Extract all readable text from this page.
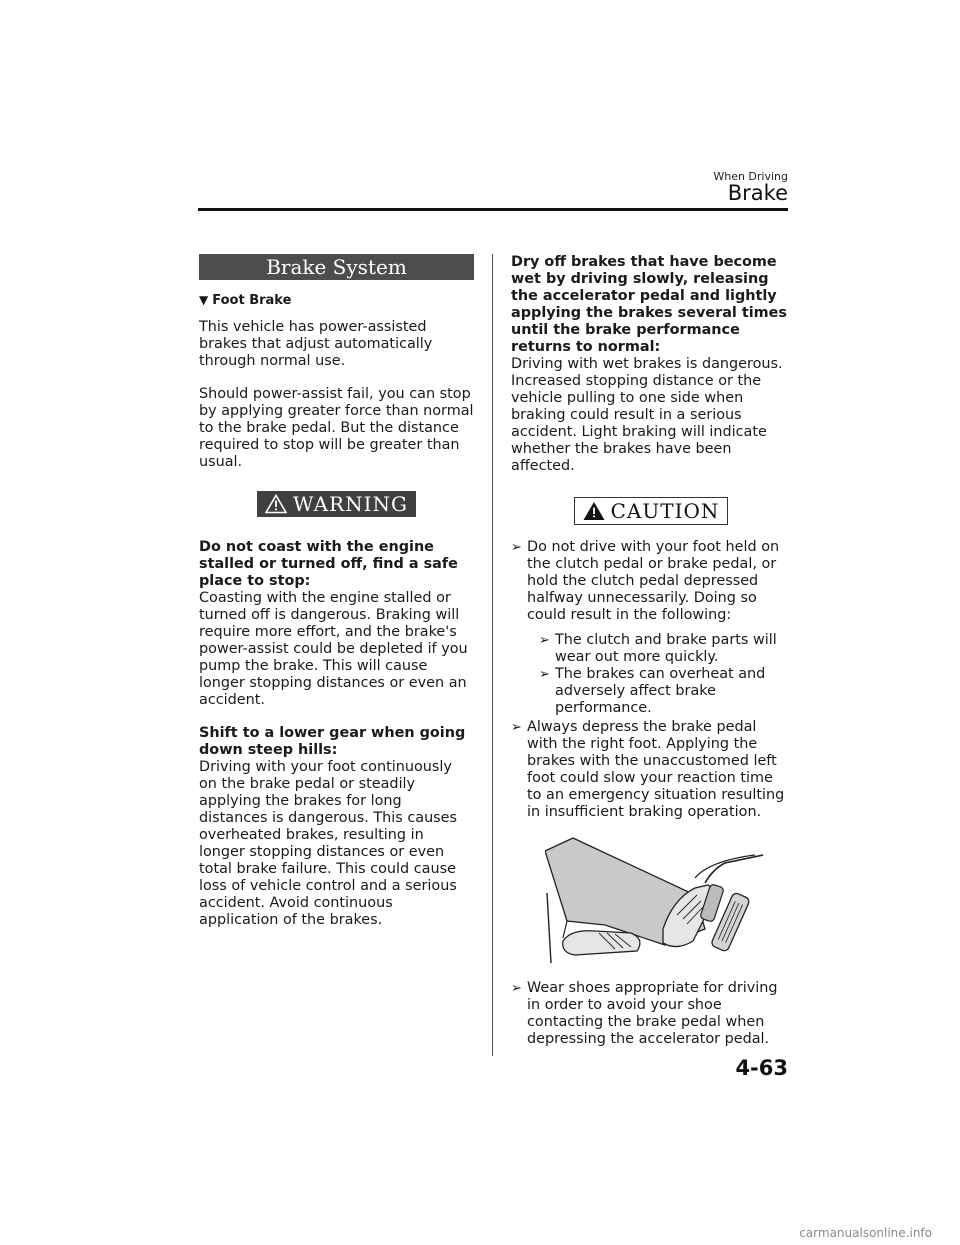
When Driving
Brake
Brake System
▼ Foot Brake

This vehicle has power-assisted brakes that adjust automatically through normal use.

Should power-assist fail, you can stop by applying greater force than normal to the brake pedal. But the distance required to stop will be greater than usual.

WARNING

Do not coast with the engine stalled or turned off, find a safe place to stop:
Coasting with the engine stalled or turned off is dangerous. Braking will require more effort, and the brake's power-assist could be depleted if you pump the brake. This will cause longer stopping distances or even an accident.

Shift to a lower gear when going down steep hills:
Driving with your foot continuously on the brake pedal or steadily applying the brakes for long distances is dangerous. This causes overheated brakes, resulting in longer stopping distances or even total brake failure. This could cause loss of vehicle control and a serious accident. Avoid continuous application of the brakes.

Dry off brakes that have become wet by driving slowly, releasing the accelerator pedal and lightly applying the brakes several times until the brake performance returns to normal:
Driving with wet brakes is dangerous. Increased stopping distance or the vehicle pulling to one side when braking could result in a serious accident. Light braking will indicate whether the brakes have been affected.

CAUTION
➢ Do not drive with your foot held on the clutch pedal or brake pedal, or hold the clutch pedal depressed halfway unnecessarily. Doing so could result in the following:
➢ The clutch and brake parts will wear out more quickly.
➢ The brakes can overheat and adversely affect brake performance.
➢ Always depress the brake pedal with the right foot. Applying the brakes with the unaccustomed left foot could slow your reaction time to an emergency situation resulting in insufficient braking operation.
➢ Wear shoes appropriate for driving in order to avoid your shoe contacting the brake pedal when depressing the accelerator pedal.
4-63
carmanualsonline.info
